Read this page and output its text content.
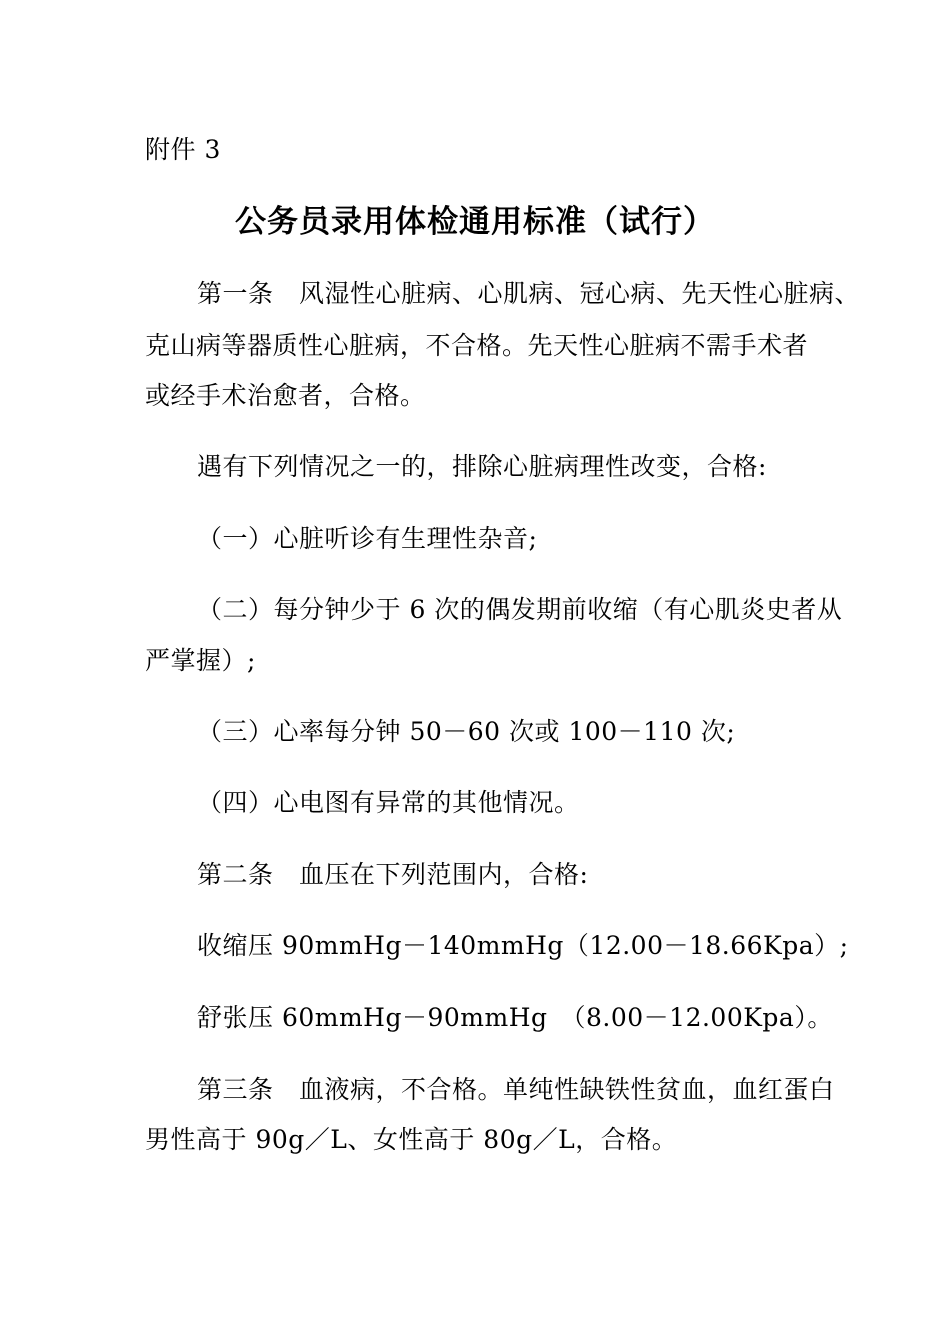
附件 3
公务员录用体检通用标准（试行）
第一条　风湿性心脏病、心肌病、冠心病、先天性心脏病、
克山病等器质性心脏病，不合格。先天性心脏病不需手术者
或经手术治愈者，合格。
遇有下列情况之一的，排除心脏病理性改变，合格:
（一）心脏听诊有生理性杂音;
（二）每分钟少于 6 次的偶发期前收缩（有心肌炎史者从
严掌握）;
（三）心率每分钟 50－60 次或 100－110 次;
（四）心电图有异常的其他情况。
第二条　血压在下列范围内，合格:
收缩压 90mmHg－140mmHg（12.00－18.66Kpa）;
舒张压 60mmHg－90mmHg　（8.00－12.00Kpa）。
第三条　血液病，不合格。单纯性缺铁性贫血，血红蛋白
男性高于 90g／L、女性高于 80g／L，合格。
